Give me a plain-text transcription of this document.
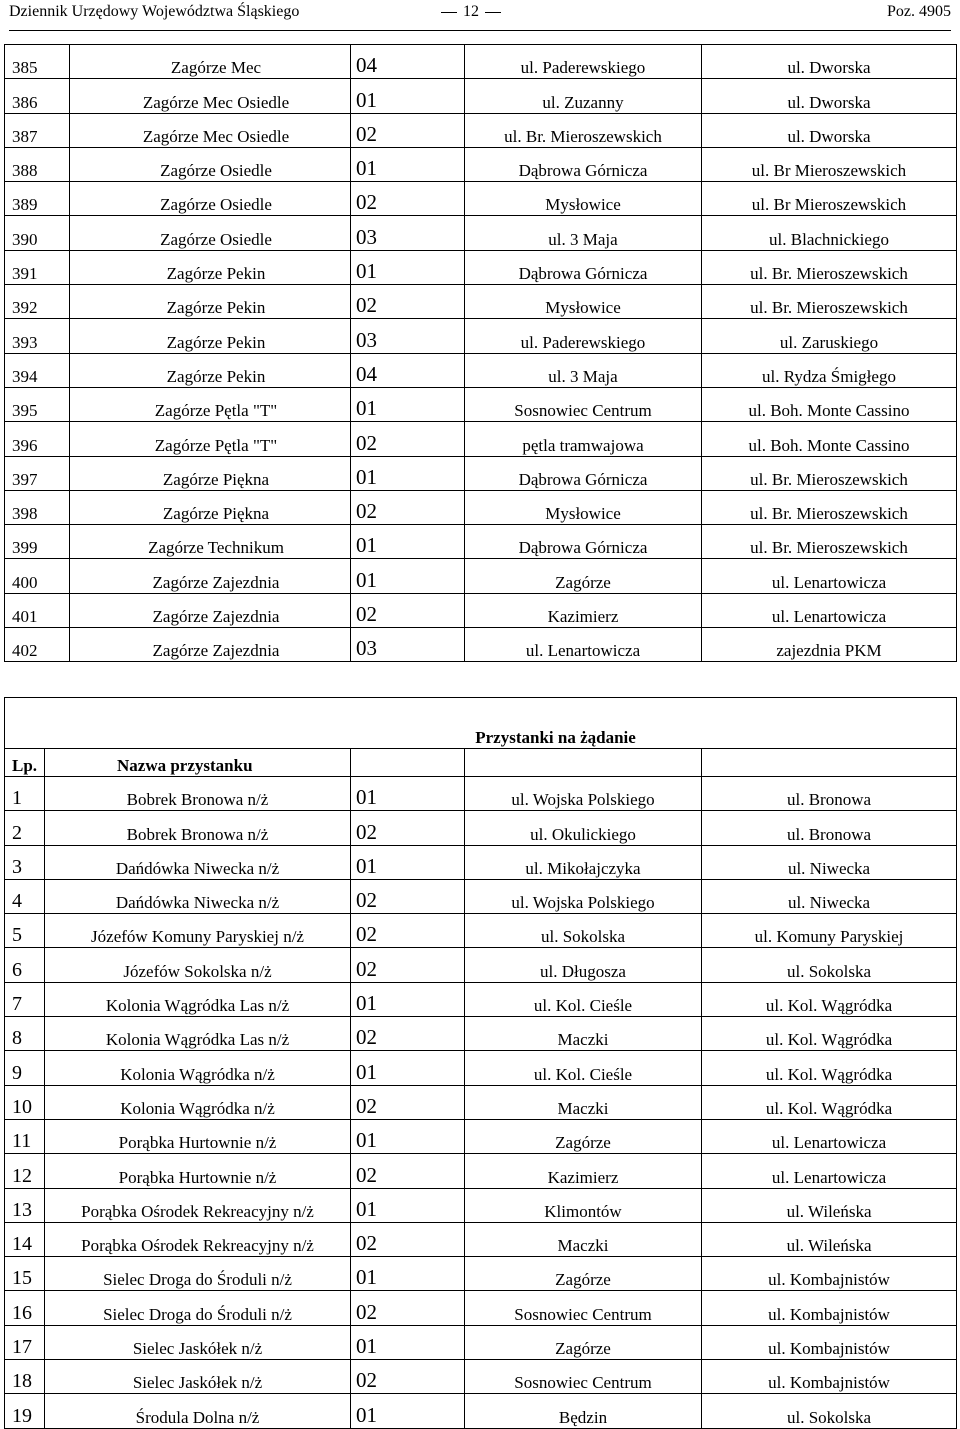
Dziennik Urzędowy Województwa Śląskiego	12	Poz. 4905
385	Zagórze Mec	04	ul. Paderewskiego	ul. Dworska
386	Zagórze Mec Osiedle	01	ul. Zuzanny	ul. Dworska
387	Zagórze Mec Osiedle	02	ul. Br. Mieroszewskich	ul. Dworska
388	Zagórze Osiedle	01	Dąbrowa Górnicza	ul. Br Mieroszewskich
389	Zagórze Osiedle	02	Mysłowice	ul. Br Mieroszewskich
390	Zagórze Osiedle	03	ul. 3 Maja	ul. Blachnickiego
391	Zagórze Pekin	01	Dąbrowa Górnicza	ul. Br. Mieroszewskich
392	Zagórze Pekin	02	Mysłowice	ul. Br. Mieroszewskich
393	Zagórze Pekin	03	ul. Paderewskiego	ul. Zaruskiego
394	Zagórze Pekin	04	ul. 3 Maja	ul. Rydza Śmigłego
395	Zagórze Pętla "T"	01	Sosnowiec Centrum	ul. Boh. Monte Cassino
396	Zagórze Pętla "T"	02	pętla tramwajowa	ul. Boh. Monte Cassino
397	Zagórze Piękna	01	Dąbrowa Górnicza	ul. Br. Mieroszewskich
398	Zagórze Piękna	02	Mysłowice	ul. Br. Mieroszewskich
399	Zagórze Technikum	01	Dąbrowa Górnicza	ul. Br. Mieroszewskich
400	Zagórze Zajezdnia	01	Zagórze	ul. Lenartowicza
401	Zagórze Zajezdnia	02	Kazimierz	ul. Lenartowicza
402	Zagórze Zajezdnia	03	ul. Lenartowicza	zajezdnia PKM

Przystanki na żądanie				
Lp.	Nazwa przystanku			
1	Bobrek Bronowa n/ż	01	ul. Wojska Polskiego	ul. Bronowa
2	Bobrek Bronowa n/ż	02	ul. Okulickiego	ul. Bronowa
3	Dańdówka Niwecka n/ż	01	ul. Mikołajczyka	ul. Niwecka
4	Dańdówka Niwecka n/ż	02	ul. Wojska Polskiego	ul. Niwecka
5	Józefów Komuny Paryskiej n/ż	02	ul. Sokolska	ul. Komuny Paryskiej
6	Józefów Sokolska n/ż	02	ul. Długosza	ul. Sokolska
7	Kolonia Wągródka Las n/ż	01	ul. Kol. Cieśle	ul. Kol. Wągródka
8	Kolonia Wągródka Las n/ż	02	Maczki	ul. Kol. Wągródka
9	Kolonia Wągródka n/ż	01	ul. Kol. Cieśle	ul. Kol. Wągródka
10	Kolonia Wągródka n/ż	02	Maczki	ul. Kol. Wągródka
11	Porąbka Hurtownie n/ż	01	Zagórze	ul. Lenartowicza
12	Porąbka Hurtownie n/ż	02	Kazimierz	ul. Lenartowicza
13	Porąbka Ośrodek Rekreacyjny n/ż	01	Klimontów	ul. Wileńska
14	Porąbka Ośrodek Rekreacyjny n/ż	02	Maczki	ul. Wileńska
15	Sielec Droga do Środuli n/ż	01	Zagórze	ul. Kombajnistów
16	Sielec Droga do Środuli n/ż	02	Sosnowiec Centrum	ul. Kombajnistów
17	Sielec Jaskółek n/ż	01	Zagórze	ul. Kombajnistów
18	Sielec Jaskółek n/ż	02	Sosnowiec Centrum	ul. Kombajnistów
19	Środula Dolna n/ż	01	Będzin	ul. Sokolska
